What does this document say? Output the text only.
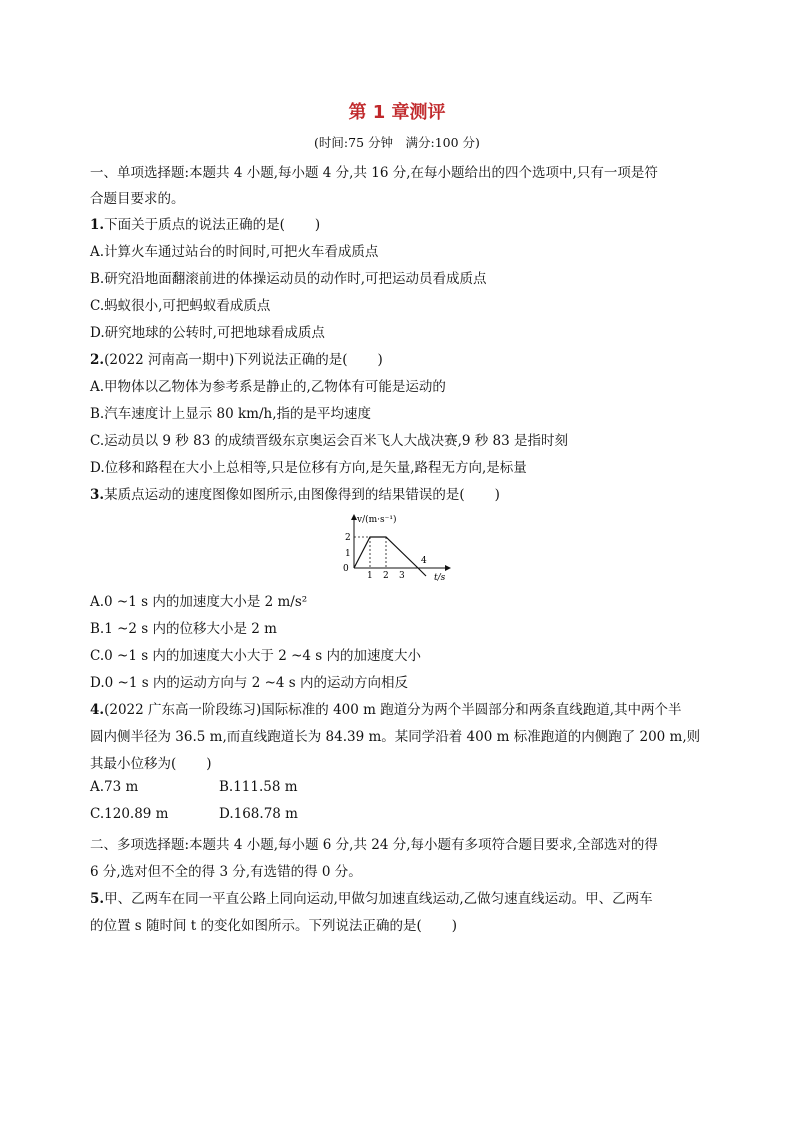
第 1 章测评
(时间:75 分钟　满分:100 分)
一、单项选择题:本题共 4 小题,每小题 4 分,共 16 分,在每小题给出的四个选项中,只有一项是符
合题目要求的。
1.下面关于质点的说法正确的是( )
A.计算火车通过站台的时间时,可把火车看成质点
B.研究沿地面翻滚前进的体操运动员的动作时,可把运动员看成质点
C.蚂蚁很小,可把蚂蚁看成质点
D.研究地球的公转时,可把地球看成质点
2.(2022 河南高一期中)下列说法正确的是( )
A.甲物体以乙物体为参考系是静止的,乙物体有可能是运动的
B.汽车速度计上显示 80 km/h,指的是平均速度
C.运动员以 9 秒 83 的成绩晋级东京奥运会百米飞人大战决赛,9 秒 83 是指时刻
D.位移和路程在大小上总相等,只是位移有方向,是矢量,路程无方向,是标量
3.某质点运动的速度图像如图所示,由图像得到的结果错误的是( )
v/(m·s⁻¹)
t/s
0
1
2
1 2 3
4
A.0 ~1 s 内的加速度大小是 2 m/s²
B.1 ~2 s 内的位移大小是 2 m
C.0 ~1 s 内的加速度大小大于 2 ~4 s 内的加速度大小
D.0 ~1 s 内的运动方向与 2 ~4 s 内的运动方向相反
4.(2022 广东高一阶段练习)国际标准的 400 m 跑道分为两个半圆部分和两条直线跑道,其中两个半
圆内侧半径为 36.5 m,而直线跑道长为 84.39 m。某同学沿着 400 m 标准跑道的内侧跑了 200 m,则
其最小位移为( )
A.73 m	B.111.58 m
C.120.89 m	D.168.78 m
二、多项选择题:本题共 4 小题,每小题 6 分,共 24 分,每小题有多项符合题目要求,全部选对的得
6 分,选对但不全的得 3 分,有选错的得 0 分。
5.甲、乙两车在同一平直公路上同向运动,甲做匀加速直线运动,乙做匀速直线运动。甲、乙两车
的位置 s 随时间 t 的变化如图所示。下列说法正确的是( )
